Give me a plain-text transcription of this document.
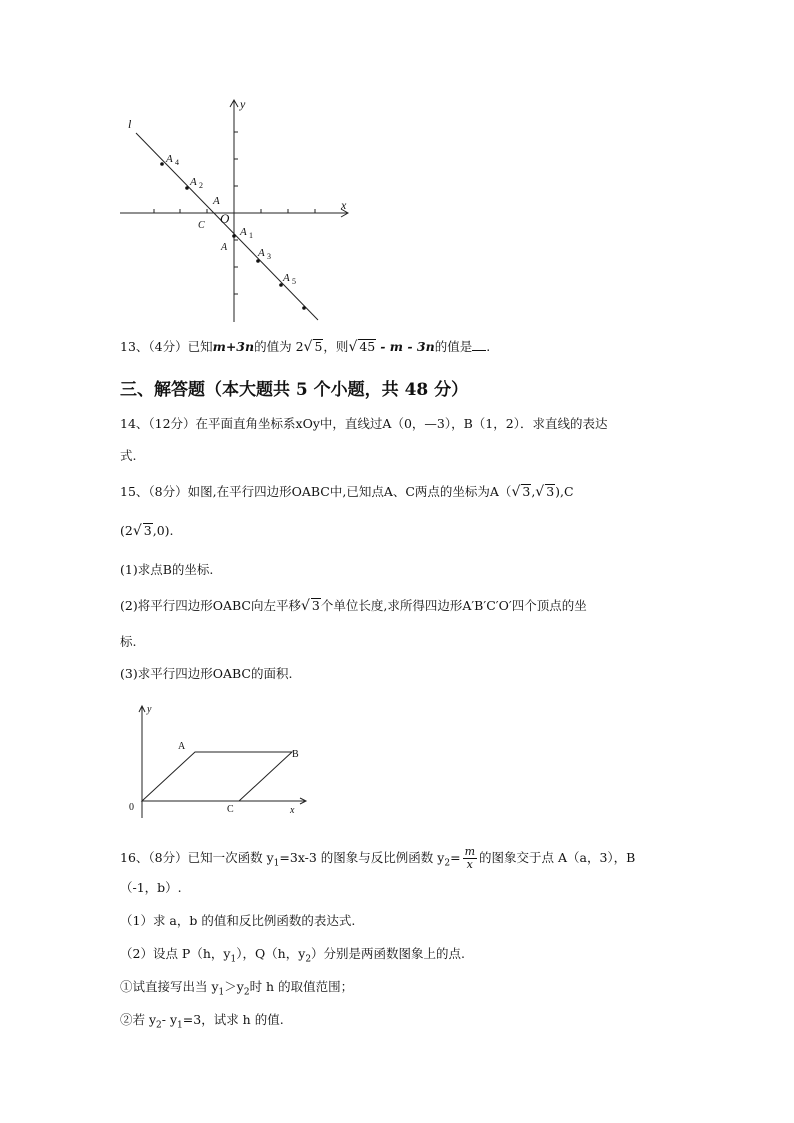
l
y
x
O
A
C
A
A 4
A 2
A 1
A 3
A 5
13、（4分）已知m+3n的值为 2√ 5，则√ 45 - m - 3n的值是 .
三、解答题（本大题共 5 个小题，共 48 分）
14、（12分）在平面直角坐标系xOy中，直线过A（0，—3），B（1，2）．求直线的表达
式.
15、（8分）如图,在平行四边形OABC中,已知点A、C两点的坐标为A（√ 3,√ 3),C
(2√ 3,0).
(1)求点B的坐标.
(2)将平行四边形OABC向左平移√ 3个单位长度,求所得四边形A′B′C′O′四个顶点的坐
标.
(3)求平行四边形OABC的面积.
y
x
0
A
B
C
16、（8分）已知一次函数 $y_1=3x-3$ 的图象与反比例函数 $y_2= \frac{m}{x}$ 的图象交于点 A（a，3），B
（-1，b）.
（1）求 a，b 的值和反比例函数的表达式.
（2）设点 P（h，$y_1$），Q（h，$y_2$）分别是两函数图象上的点.
①试直接写出当 $y_1>y_2$时 h 的取值范围；
②若 $y_2-$ $y_1=3$，试求 h 的值.
